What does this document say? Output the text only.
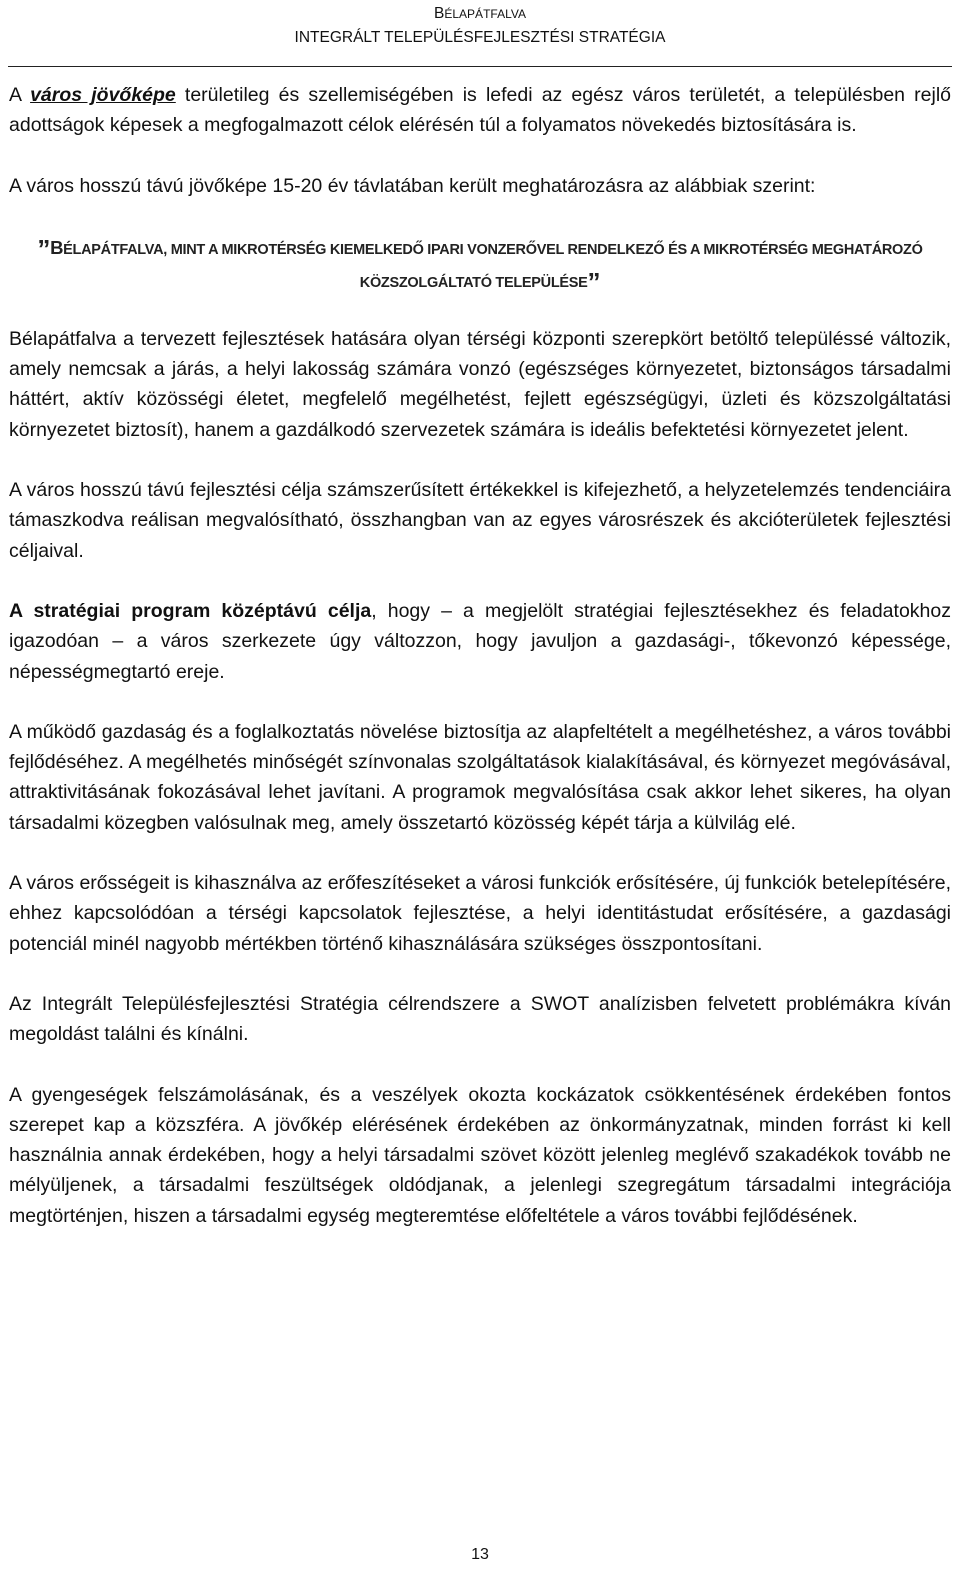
BÉLAPÁTFALVA
INTEGRÁLT TELEPÜLÉSFEJLESZTÉSI STRATÉGIA

A város jövőképe területileg és szellemiségében is lefedi az egész város területét, a településben rejlő adottságok képesek a megfogalmazott célok elérésén túl a folyamatos növekedés biztosítására is.

A város hosszú távú jövőképe 15-20 év távlatában került meghatározásra az alábbiak szerint:

”BÉLAPÁTFALVA, MINT A MIKROTÉRSÉG KIEMELKEDŐ IPARI VONZERŐVEL RENDELKEZŐ ÉS A MIKROTÉRSÉG MEGHATÁROZÓ KÖZSZOLGÁLTATÓ TELEPÜLÉSE”

Bélapátfalva a tervezett fejlesztések hatására olyan térségi központi szerepkört betöltő településsé változik, amely nemcsak a járás, a helyi lakosság számára vonzó (egészséges környezetet, biztonságos társadalmi háttért, aktív közösségi életet, megfelelő megélhetést, fejlett egészségügyi, üzleti és közszolgáltatási környezetet biztosít), hanem a gazdálkodó szervezetek számára is ideális befektetési környezetet jelent.

A város hosszú távú fejlesztési célja számszerűsített értékekkel is kifejezhető, a helyzetelemzés tendenciáira támaszkodva reálisan megvalósítható, összhangban van az egyes városrészek és akcióterületek fejlesztési céljaival.

A stratégiai program középtávú célja, hogy – a megjelölt stratégiai fejlesztésekhez és feladatokhoz igazodóan – a város szerkezete úgy változzon, hogy javuljon a gazdasági-, tőkevonzó képessége, népességmegtartó ereje.

A működő gazdaság és a foglalkoztatás növelése biztosítja az alapfeltételt a megélhetéshez, a város további fejlődéséhez. A megélhetés minőségét színvonalas szolgáltatások kialakításával, és környezet megóvásával, attraktivitásának fokozásával lehet javítani. A programok megvalósítása csak akkor lehet sikeres, ha olyan társadalmi közegben valósulnak meg, amely összetartó közösség képét tárja a külvilág elé.

A város erősségeit is kihasználva az erőfeszítéseket a városi funkciók erősítésére, új funkciók betelepítésére, ehhez kapcsolódóan a térségi kapcsolatok fejlesztése, a helyi identitástudat erősítésére, a gazdasági potenciál minél nagyobb mértékben történő kihasználására szükséges összpontosítani.

Az Integrált Településfejlesztési Stratégia célrendszere a SWOT analízisben felvetett problémákra kíván megoldást találni és kínálni.

A gyengeségek felszámolásának, és a veszélyek okozta kockázatok csökkentésének érdekében fontos szerepet kap a közszféra. A jövőkép elérésének érdekében az önkormányzatnak, minden forrást ki kell használnia annak érdekében, hogy a helyi társadalmi szövet között jelenleg meglévő szakadékok tovább ne mélyüljenek, a társadalmi feszültségek oldódjanak, a jelenlegi szegregátum társadalmi integrációja megtörténjen, hiszen a társadalmi egység megteremtése előfeltétele a város további fejlődésének.

13
